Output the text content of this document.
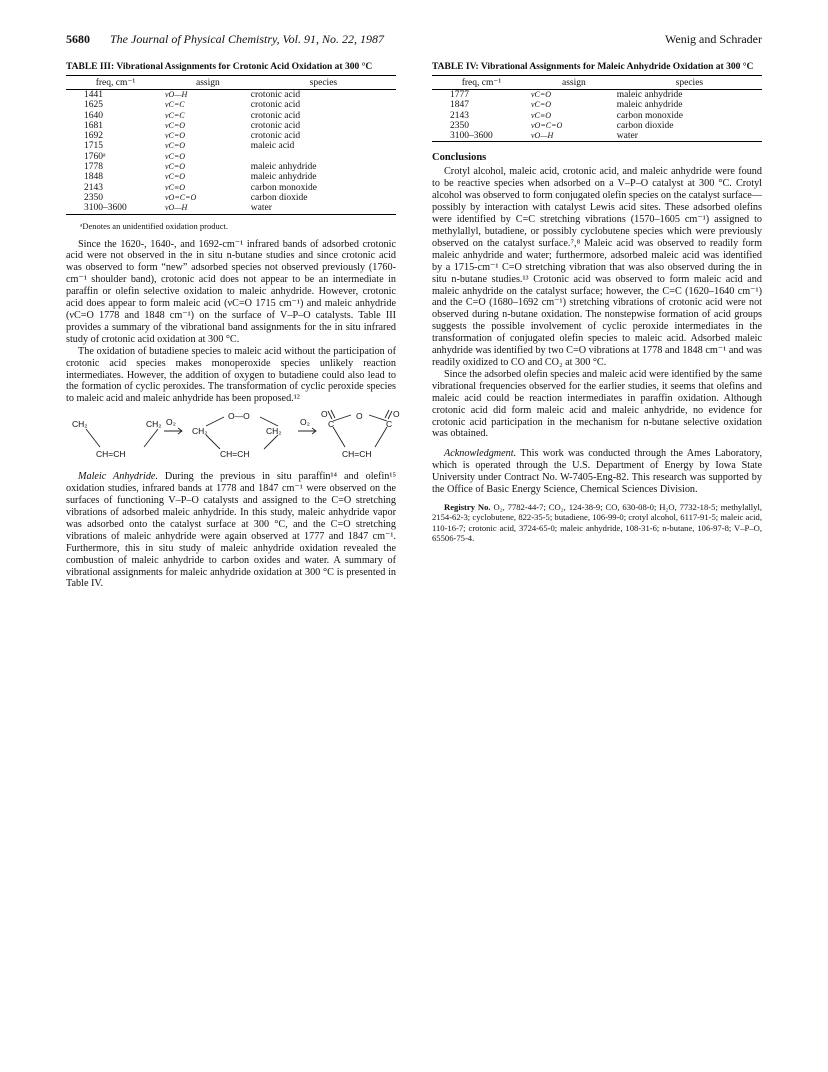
5680 The Journal of Physical Chemistry, Vol. 91, No. 22, 1987	Wenig and Schrader
TABLE III: Vibrational Assignments for Crotonic Acid Oxidation at 300 °C
freq, cm⁻¹	assign	species
1441	νO—H	crotonic acid
1625	νC=C	crotonic acid
1640	νC=C	crotonic acid
1681	νC=O	crotonic acid
1692	νC=O	crotonic acid
1715	νC=O	maleic acid
1760ᵃ	νC=O	
1778	νC=O	maleic anhydride
1848	νC=O	maleic anhydride
2143	νC≡O	carbon monoxide
2350	νO=C=O	carbon dioxide
3100–3600	νO—H	water
ᵃDenotes an unidentified oxidation product.

Since the 1620-, 1640-, and 1692-cm⁻¹ infrared bands of adsorbed crotonic acid were not observed in the in situ n-butane studies and since crotonic acid was observed to form “new” adsorbed species not observed previously (1760-cm⁻¹ shoulder band), crotonic acid does not appear to be an intermediate in paraffin or olefin selective oxidation to maleic anhydride. However, crotonic acid does appear to form maleic acid (νC=O 1715 cm⁻¹) and maleic anhydride (νC=O 1778 and 1848 cm⁻¹) on the surface of V–P–O catalysts. Table III provides a summary of the vibrational band assignments for the in situ infrared study of crotonic acid oxidation at 300 °C.

The oxidation of butadiene species to maleic acid without the participation of crotonic acid species makes monoperoxide species unlikely reaction intermediates. However, the addition of oxygen to butadiene could also lead to the formation of cyclic peroxides. The transformation of cyclic peroxide species to maleic acid and maleic anhydride has been proposed.¹²

CH₂	CH₂
CH=CH
O₂
O—O
CH₂	CH₂
CH=CH
O₂
O	O	O
C	C
CH=CH

Maleic Anhydride. During the previous in situ paraffin¹⁴ and olefin¹⁵ oxidation studies, infrared bands at 1778 and 1847 cm⁻¹ were observed on the surfaces of functioning V–P–O catalysts and assigned to the C=O stretching vibrations of adsorbed maleic anhydride. In this study, maleic anhydride vapor was adsorbed onto the catalyst surface at 300 °C, and the C=O stretching vibrations of maleic anhydride were again observed at 1777 and 1847 cm⁻¹. Furthermore, this in situ study of maleic anhydride oxidation revealed the combustion of maleic anhydride to carbon oxides and water. A summary of vibrational assignments for maleic anhydride oxidation at 300 °C is presented in Table IV.

TABLE IV: Vibrational Assignments for Maleic Anhydride Oxidation at 300 °C
freq, cm⁻¹	assign	species
1777	νC=O	maleic anhydride
1847	νC=O	maleic anhydride
2143	νC≡O	carbon monoxide
2350	νO=C=O	carbon dioxide
3100–3600	νO—H	water
Conclusions

Crotyl alcohol, maleic acid, crotonic acid, and maleic anhydride were found to be reactive species when adsorbed on a V–P–O catalyst at 300 °C. Crotyl alcohol was observed to form conjugated olefin species on the catalyst surface—possibly by interaction with catalyst Lewis acid sites. These adsorbed olefins were identified by C=C stretching vibrations (1570–1605 cm⁻¹) assigned to methylallyl, butadiene, or possibly cyclobutene species which were previously observed on the catalyst surface.⁷,⁸ Maleic acid was observed to readily form maleic anhydride and water; furthermore, adsorbed maleic acid was identified by a 1715-cm⁻¹ C=O stretching vibration that was also observed during the in situ n-butane studies.¹³ Crotonic acid was observed to form maleic acid and maleic anhydride on the catalyst surface; however, the C=C (1620–1640 cm⁻¹) and the C=O (1680–1692 cm⁻¹) stretching vibrations of crotonic acid were not observed during n-butane oxidation. The nonstepwise formation of acid groups suggests the possible involvement of cyclic peroxide intermediates in the transformation of conjugated olefin species to maleic acid. Adsorbed maleic anhydride was identified by two C=O vibrations at 1778 and 1848 cm⁻¹ and was readily oxidized to CO and CO₂ at 300 °C.

Since the adsorbed olefin species and maleic acid were identified by the same vibrational frequencies observed for the earlier studies, it seems that olefins and maleic acid could be reaction intermediates in paraffin oxidation. Although crotonic acid did form maleic acid and maleic anhydride, no evidence for crotonic acid participation in the mechanism for n-butane selective oxidation was obtained.

Acknowledgment. This work was conducted through the Ames Laboratory, which is operated through the U.S. Department of Energy by Iowa State University under Contract No. W-7405-Eng-82. This research was supported by the Office of Basic Energy Science, Chemical Sciences Division.

Registry No. O₂, 7782-44-7; CO₂, 124-38-9; CO, 630-08-0; H₂O, 7732-18-5; methylallyl, 2154-62-3; cyclobutene, 822-35-5; butadiene, 106-99-0; crotyl alcohol, 6117-91-5; maleic acid, 110-16-7; crotonic acid, 3724-65-0; maleic anhydride, 108-31-6; n-butane, 106-97-8; V–P–O, 65506-75-4.
